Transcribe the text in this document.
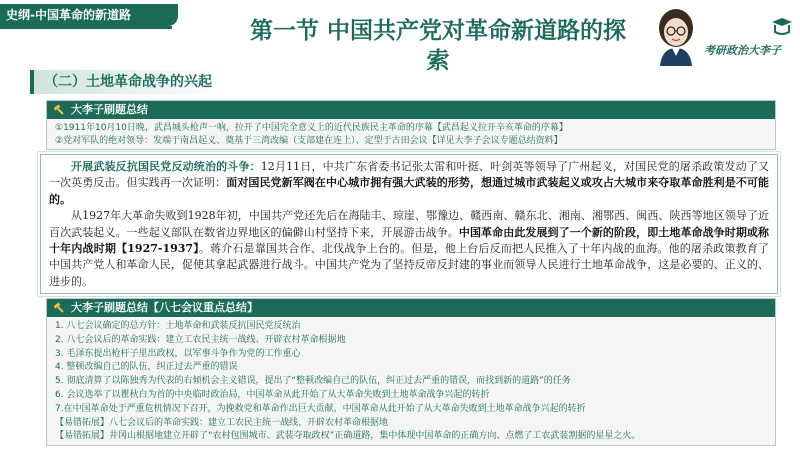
史纲-中国革命的新道路
第一节 中国共产党对革命新道路的探
索	考研政治大李子
（二）土地革命战争的兴起
大李子刷题总结
①1911年10月10日晚，武昌城头枪声一响，拉开了中国完全意义上的近代民族民主革命的序幕【武昌起义拉开辛亥革命的序幕】
②党对军队的绝对领导：发端于南昌起义、奠基于三湾改编（支部建在连上）、定型于古田会议【详见大李子会议专题总结资料】

开展武装反抗国民党反动统治的斗争：12月11日，中共广东省委书记张太雷和叶挺、叶剑英等领导了广州起义，对国民党的屠杀政策发动了又一次英勇反击。但实践再一次证明：面对国民党新军阀在中心城市拥有强大武装的形势，想通过城市武装起义或攻占大城市来夺取革命胜利是不可能的。

从1927年大革命失败到1928年初，中国共产党还先后在海陆丰、琼崖、鄂豫边、赣西南、赣东北、湘南、湘鄂西、闽西、陕西等地区领导了近百次武装起义。一些起义部队在数省边界地区的偏僻山村坚持下来，开展游击战争。中国革命由此发展到了一个新的阶段，即土地革命战争时期或称十年内战时期【1927-1937】。蒋介石是靠国共合作、北伐战争上台的。但是，他上台后反而把人民推入了十年内战的血海。他的屠杀政策教育了中国共产党人和革命人民，促使其拿起武器进行战斗。中国共产党为了坚持反帝反封建的事业而领导人民进行土地革命战争，这是必要的、正义的、进步的。

大李子刷题总结【八七会议重点总结】
1. 八七会议确定的总方针：土地革命和武装反抗国民党反统治
2. 八七会议后的革命实践：建立工农民主统一战线、开辟农村革命根据地
3. 毛泽东提出枪杆子里出政权，以军事斗争作为党的工作重心
4. 整顿改编自己的队伍，纠正过去严重的错误
5. 彻底清算了以陈独秀为代表的右倾机会主义错误，提出了“整顿改编自己的队伍，纠正过去严重的错误，而找到新的道路”的任务
6. 会议选举了以瞿秋白为首的中央临时政治局，中国革命从此开始了从大革命失败到土地革命战争兴起的转折
7.在中国革命处于严重危机情况下召开，为挽救党和革命作出巨大贡献，中国革命从此开始了从大革命失败到土地革命战争兴起的转折
【易错拓展】八七会议后的革命实践：建立工农民主统一战线、开辟农村革命根据地
【易错拓展】井冈山根据地建立开辟了“农村包围城市、武装夺取政权”正确道路，集中体现中国革命的正确方向、点燃了工农武装割据的星星之火。
